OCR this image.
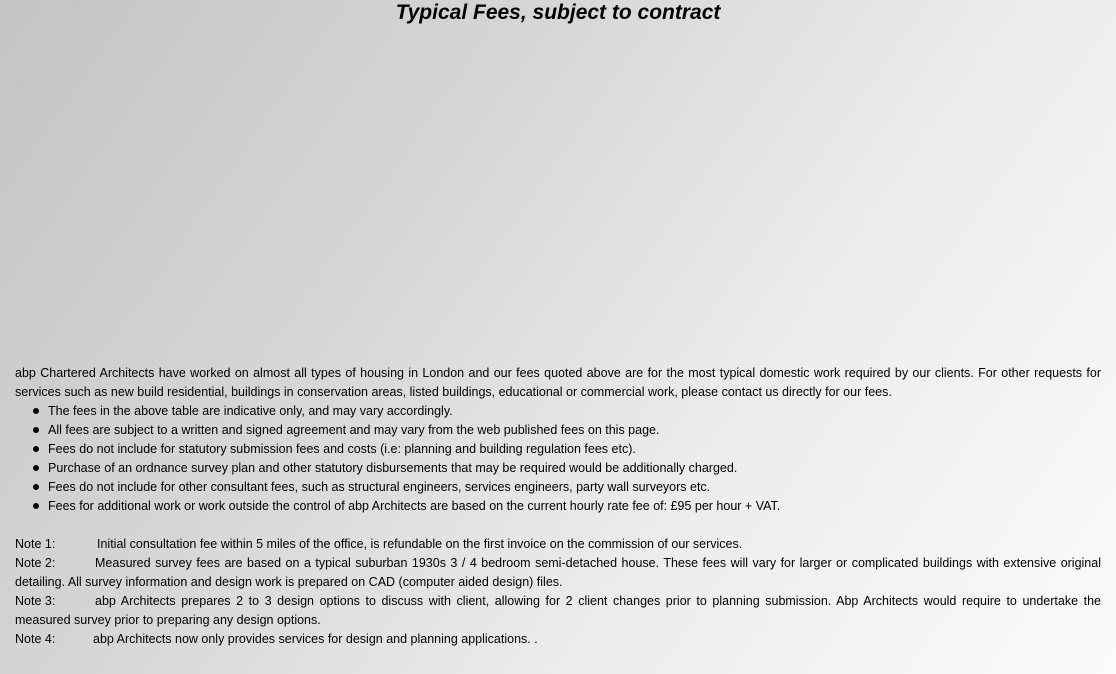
Typical Fees, subject to contract

abp Chartered Architects have worked on almost all types of housing in London and our fees quoted above are for the most typical domestic work required by our clients. For other requests for services such as new build residential, buildings in conservation areas, listed buildings, educational or commercial work, please contact us directly for our fees.

The fees in the above table are indicative only, and may vary accordingly.
All fees are subject to a written and signed agreement and may vary from the web published fees on this page.
Fees do not include for statutory submission fees and costs (i.e: planning and building regulation fees etc).
Purchase of an ordnance survey plan and other statutory disbursements that may be required would be additionally charged.
Fees do not include for other consultant fees, such as structural engineers, services engineers, party wall surveyors etc.
Fees for additional work or work outside the control of abp Architects are based on the current hourly rate fee of: £95 per hour + VAT.

Note 1:	Initial consultation fee within 5 miles of the office, is refundable on the first invoice on the commission of our services.

Note 2:	Measured survey fees are based on a typical suburban 1930s 3 / 4 bedroom semi-detached house. These fees will vary for larger or complicated buildings with extensive original detailing. All survey information and design work is prepared on CAD (computer aided design) files.

Note 3:	abp Architects prepares 2 to 3 design options to discuss with client, allowing for 2 client changes prior to planning submission. Abp Architects would require to undertake the measured survey prior to preparing any design options.

Note 4:	abp Architects now only provides services for design and planning applications. .
